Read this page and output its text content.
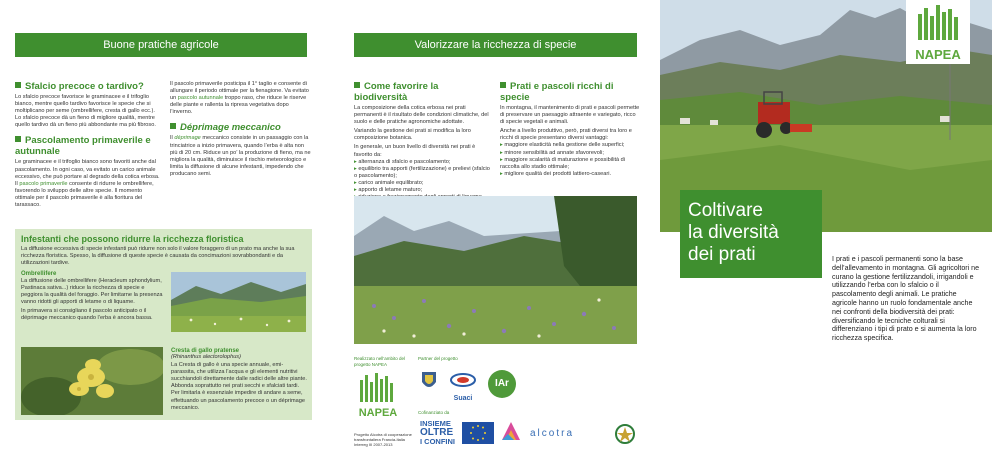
Buone pratiche agricole
Sfalcio precoce o tardivo?

Lo sfalcio precoce favorisce le graminacee e il trifoglio bianco, mentre quello tardivo favorisce le specie che si moltiplicano per seme (ombrellifere, cresta di gallo ecc.). Lo sfalcio precoce dà un fieno di migliore qualità, mentre quello tardivo dà un fieno più abbondante ma più fibroso.

Pascolamento primaverile e autunnale

Le graminacee e il trifoglio bianco sono favoriti anche dal pascolamento. In ogni caso, va evitato un carico animale eccessivo, che può portare al degrado della cotica erbosa. Il pascolo primaverile consente di ridurre le ombrellifere, favorendo lo sviluppo delle altre specie. Il momento ottimale per il pascolo primaverile è alla fioritura del tarassaco.

Il pascolo primaverile posticipa il 1° taglio e consente di allungare il periodo ottimale per la fienagione. Va evitato un pascolo autunnale troppo raso, che riduce le riserve delle piante e rallenta la ripresa vegetativa dopo l’inverno.

Déprimage meccanico

Il déprimage meccanico consiste in un passaggio con la trinciatrice a inizio primavera, quando l’erba è alta non più di 20 cm. Riduce un po’ la produzione di fieno, ma ne migliora la qualità, diminuisce il rischio meteorologico e limita la diffusione di alcune infestanti, impedendo che producano semi.

Infestanti che possono ridurre la ricchezza floristica

La diffusione eccessiva di specie infestanti può ridurre non solo il valore foraggero di un prato ma anche la sua ricchezza floristica. Spesso, la diffusione di queste specie è causata da concimazioni sovrabbondanti e da utilizzazioni tardive.

Ombrellifere

La diffusione delle ombrellifere (Heracleum sphondylium, Pastinaca sativa...) riduce la ricchezza di specie e peggiora la qualità del foraggio. Per limitarne la presenza vanno ridotti gli apporti di letame o di liquame.

In primavera si consigliano il pascolo anticipato o il déprimage meccanico quando l’erba è ancora bassa.

Cresta di gallo pratense
(Rhinanthus alectorolophus)

La Cresta di gallo è una specie annuale, emi-parassita, che utilizza l’acqua e gli elementi nutritivi succhiandoli direttamente dalle radici delle altre piante. Abbonda soprattutto nei prati secchi e sfalciati tardi. Per limitarla è essenziale impedire di andare a seme, effettuando un pascolamento precoce o un déprimage meccanico.

Valorizzare la ricchezza di specie
Come favorire la biodiversità

La composizione della cotica erbosa nei prati permanenti è il risultato delle condizioni climatiche, del suolo e delle pratiche agronomiche adottate.

Variando la gestione dei prati si modifica la loro composizione botanica.

In generale, un buon livello di diversità nei prati è favorito da:

▸ alternanza di sfalcio e pascolamento;
▸ equilibrio tra apporti (fertilizzazione) e prelievi (sfalcio o pascolamento);
▸ carico animale equilibrato;
▸ apporto di letame maturo;
▸
Prati e pascoli ricchi di specie

In montagna, il mantenimento di prati e pascoli permette di preservare un paesaggio attraente e variegato, ricco di specie vegetali e animali.

Anche a livello produttivo, però, prati diversi tra loro e ricchi di specie presentano diversi vantaggi:

▸ maggiore elasticità nella gestione delle superfici;
▸ minore sensibilità ad annate sfavorevoli;
▸ maggiore scalarità di maturazione e possibilità di raccolta allo stadio ottimale;
▸ migliore qualità dei prodotti lattiero-caseari.
Realizzato nell’ambito del progetto NAPEA
Partner del progetto
Cofinanziato da
NAPEA
Progetto Alcotra di cooperazione transfrontaliera Francia-Italia Interreg III 2007-2013
Suaci
IAr
INSIEME
OLTRE
I CONFINI
alcotra
NAPEA
Coltivare
la diversità
dei prati	I prati e i pascoli permanenti sono la base dell’allevamento in montagna. Gli agricoltori ne curano la gestione fertilizzandoli, irrigandoli e utilizzando l’erba con lo sfalcio o il pascolamento degli animali. Le pratiche agricole hanno un ruolo fondamentale anche nei confronti della biodiversità dei prati: diversificando le tecniche colturali si differenziano i tipi di prato e si aumenta la loro ricchezza specifica.
